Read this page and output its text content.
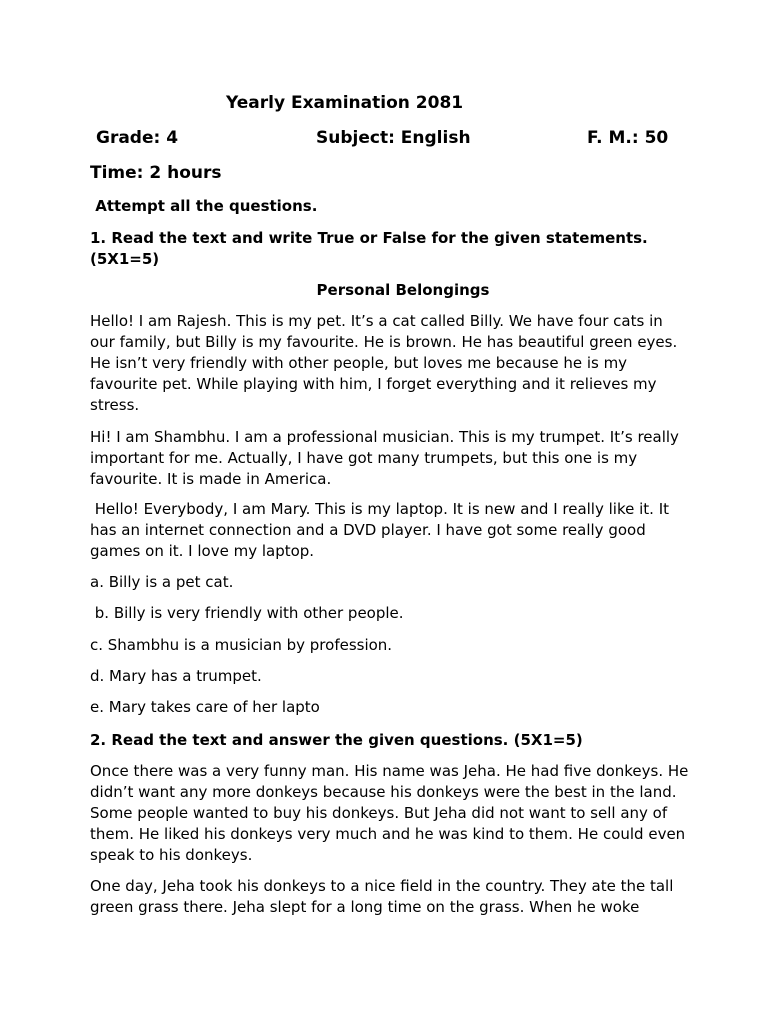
Yearly Examination 2081
Grade: 4	Subject: English	F. M.: 50
Time: 2 hours
Attempt all the questions.
1. Read the text and write True or False for the given statements. (5X1=5)
Personal Belongings
Hello! I am Rajesh. This is my pet. It’s a cat called Billy. We have four cats in our family, but Billy is my favourite. He is brown. He has beautiful green eyes. He isn’t very friendly with other people, but loves me because he is my favourite pet. While playing with him, I forget everything and it relieves my stress.
Hi! I am Shambhu. I am a professional musician. This is my trumpet. It’s really important for me. Actually, I have got many trumpets, but this one is my favourite. It is made in America.
Hello! Everybody, I am Mary. This is my laptop. It is new and I really like it. It has an internet connection and a DVD player. I have got some really good games on it. I love my laptop.
a. Billy is a pet cat.
b. Billy is very friendly with other people.
c. Shambhu is a musician by profession.
d. Mary has a trumpet.
e. Mary takes care of her lapto
2. Read the text and answer the given questions. (5X1=5)
Once there was a very funny man. His name was Jeha. He had five donkeys. He didn’t want any more donkeys because his donkeys were the best in the land. Some people wanted to buy his donkeys. But Jeha did not want to sell any of them. He liked his donkeys very much and he was kind to them. He could even speak to his donkeys.
One day, Jeha took his donkeys to a nice field in the country. They ate the tall green grass there. Jeha slept for a long time on the grass. When he woke
